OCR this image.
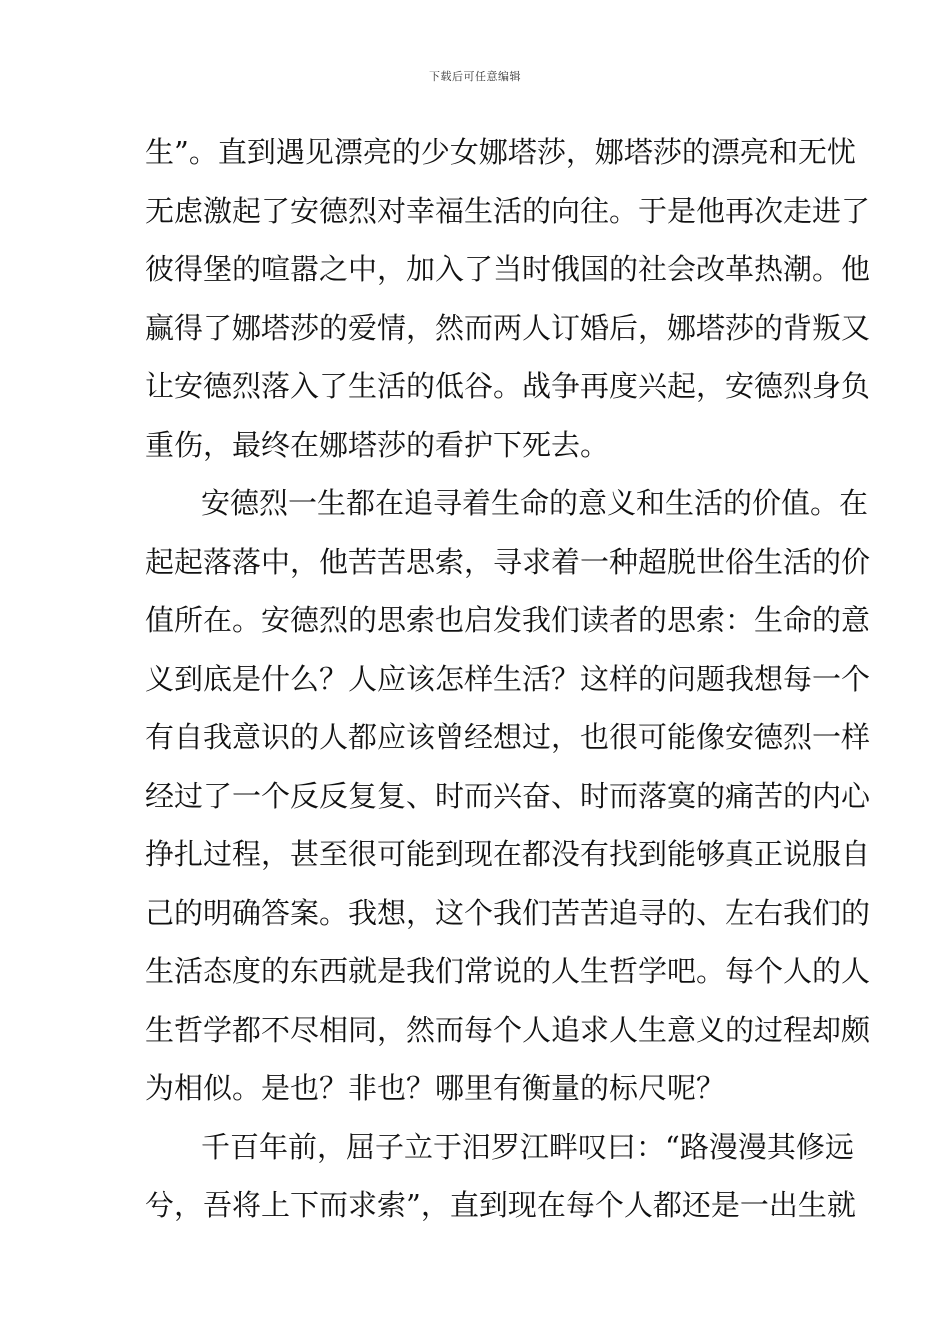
下载后可任意编辑
生”。直到遇见漂亮的少女娜塔莎，娜塔莎的漂亮和无忧
无虑激起了安德烈对幸福生活的向往。于是他再次走进了
彼得堡的喧嚣之中，加入了当时俄国的社会改革热潮。他
赢得了娜塔莎的爱情，然而两人订婚后，娜塔莎的背叛又
让安德烈落入了生活的低谷。战争再度兴起，安德烈身负
重伤，最终在娜塔莎的看护下死去。
安德烈一生都在追寻着生命的意义和生活的价值。在
起起落落中，他苦苦思索，寻求着一种超脱世俗生活的价
值所在。安德烈的思索也启发我们读者的思索：生命的意
义到底是什么？人应该怎样生活？这样的问题我想每一个
有自我意识的人都应该曾经想过，也很可能像安德烈一样
经过了一个反反复复、时而兴奋、时而落寞的痛苦的内心
挣扎过程，甚至很可能到现在都没有找到能够真正说服自
己的明确答案。我想，这个我们苦苦追寻的、左右我们的
生活态度的东西就是我们常说的人生哲学吧。每个人的人
生哲学都不尽相同，然而每个人追求人生意义的过程却颇
为相似。是也？非也？哪里有衡量的标尺呢？
千百年前，屈子立于汨罗江畔叹曰：“路漫漫其修远
兮，吾将上下而求索”，直到现在每个人都还是一出生就
